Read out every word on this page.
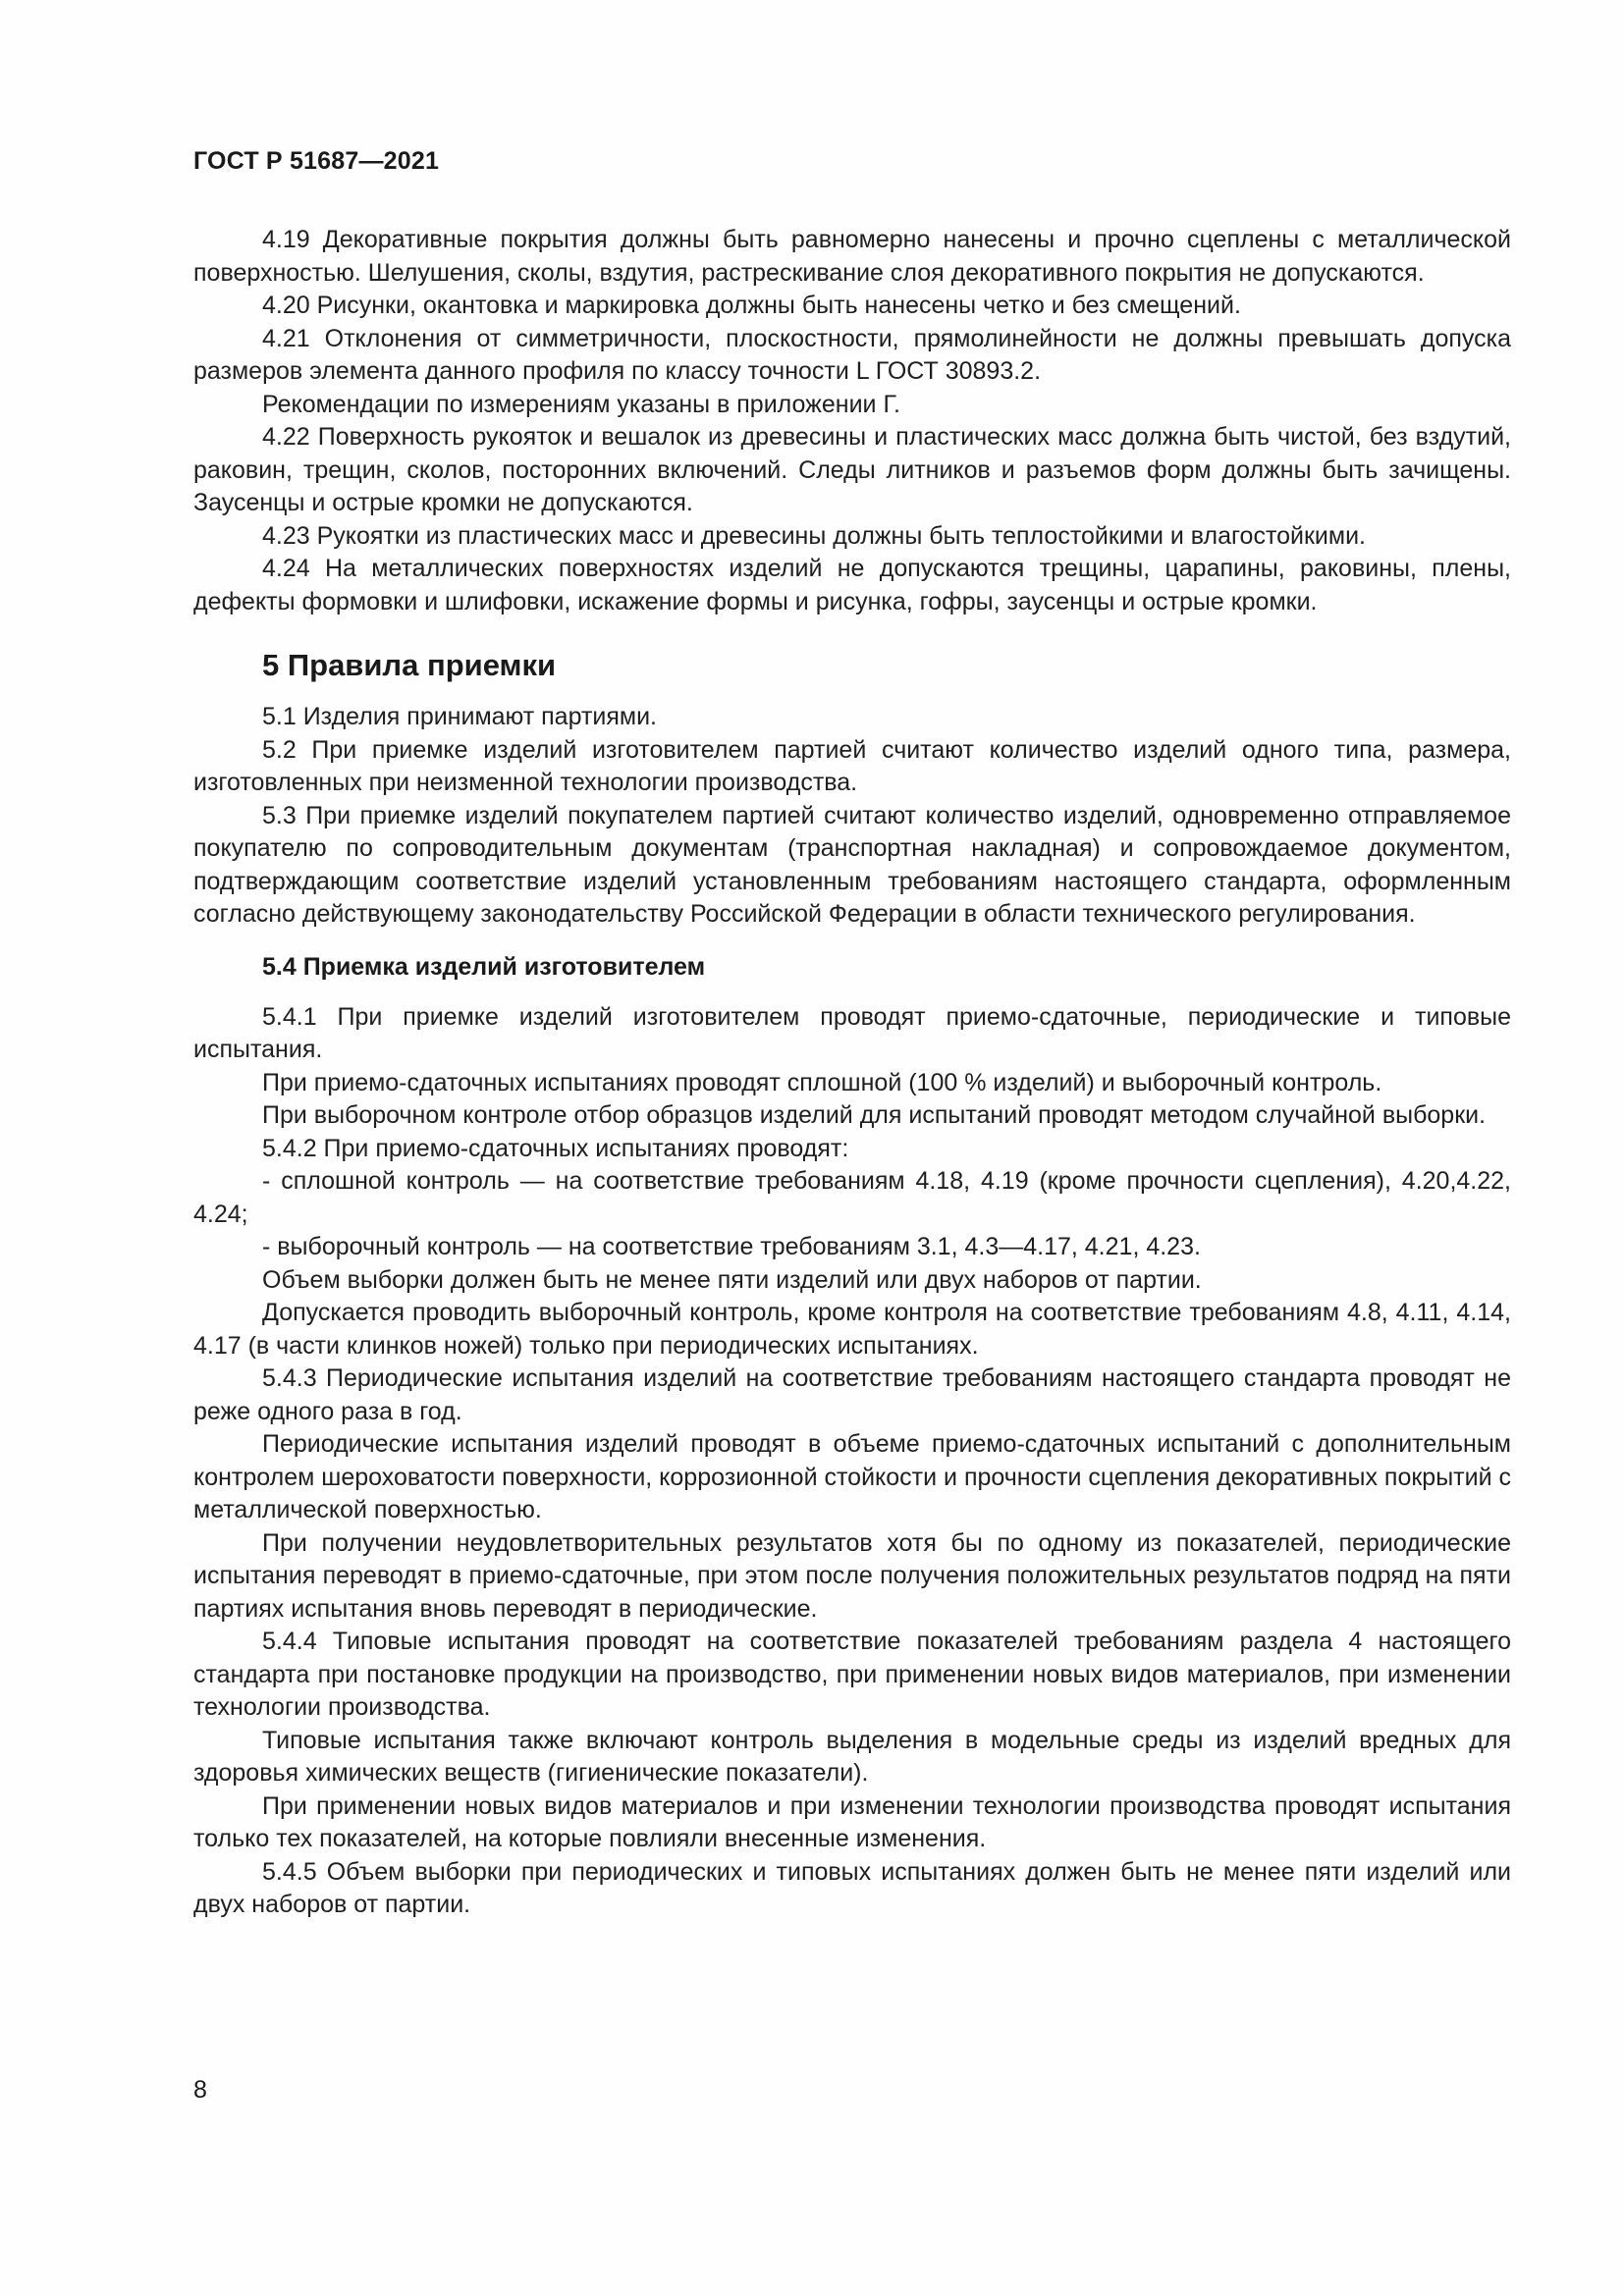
ГОСТ Р 51687—2021

4.19 Декоративные покрытия должны быть равномерно нанесены и прочно сцеплены с металлической поверхностью. Шелушения, сколы, вздутия, растрескивание слоя декоративного покрытия не допускаются.

4.20 Рисунки, окантовка и маркировка должны быть нанесены четко и без смещений.

4.21 Отклонения от симметричности, плоскостности, прямолинейности не должны превышать допуска размеров элемента данного профиля по классу точности L ГОСТ 30893.2.

Рекомендации по измерениям указаны в приложении Г.

4.22 Поверхность рукояток и вешалок из древесины и пластических масс должна быть чистой, без вздутий, раковин, трещин, сколов, посторонних включений. Следы литников и разъемов форм должны быть зачищены. Заусенцы и острые кромки не допускаются.

4.23 Рукоятки из пластических масс и древесины должны быть теплостойкими и влагостойкими.

4.24 На металлических поверхностях изделий не допускаются трещины, царапины, раковины, плены, дефекты формовки и шлифовки, искажение формы и рисунка, гофры, заусенцы и острые кромки.

5 Правила приемки

5.1 Изделия принимают партиями.

5.2 При приемке изделий изготовителем партией считают количество изделий одного типа, размера, изготовленных при неизменной технологии производства.

5.3 При приемке изделий покупателем партией считают количество изделий, одновременно отправляемое покупателю по сопроводительным документам (транспортная накладная) и сопровождаемое документом, подтверждающим соответствие изделий установленным требованиям настоящего стандарта, оформленным согласно действующему законодательству Российской Федерации в области технического регулирования.

5.4 Приемка изделий изготовителем

5.4.1 При приемке изделий изготовителем проводят приемо-сдаточные, периодические и типовые испытания.

При приемо-сдаточных испытаниях проводят сплошной (100 % изделий) и выборочный контроль.

При выборочном контроле отбор образцов изделий для испытаний проводят методом случайной выборки.

5.4.2 При приемо-сдаточных испытаниях проводят:

- сплошной контроль — на соответствие требованиям 4.18, 4.19 (кроме прочности сцепления), 4.20,4.22, 4.24;

- выборочный контроль — на соответствие требованиям 3.1, 4.3—4.17, 4.21, 4.23.

Объем выборки должен быть не менее пяти изделий или двух наборов от партии.

Допускается проводить выборочный контроль, кроме контроля на соответствие требованиям 4.8, 4.11, 4.14, 4.17 (в части клинков ножей) только при периодических испытаниях.

5.4.3 Периодические испытания изделий на соответствие требованиям настоящего стандарта проводят не реже одного раза в год.

Периодические испытания изделий проводят в объеме приемо-сдаточных испытаний с дополнительным контролем шероховатости поверхности, коррозионной стойкости и прочности сцепления декоративных покрытий с металлической поверхностью.

При получении неудовлетворительных результатов хотя бы по одному из показателей, периодические испытания переводят в приемо-сдаточные, при этом после получения положительных результатов подряд на пяти партиях испытания вновь переводят в периодические.

5.4.4 Типовые испытания проводят на соответствие показателей требованиям раздела 4 настоящего стандарта при постановке продукции на производство, при применении новых видов материалов, при изменении технологии производства.

Типовые испытания также включают контроль выделения в модельные среды из изделий вредных для здоровья химических веществ (гигиенические показатели).

При применении новых видов материалов и при изменении технологии производства проводят испытания только тех показателей, на которые повлияли внесенные изменения.

5.4.5 Объем выборки при периодических и типовых испытаниях должен быть не менее пяти изделий или двух наборов от партии.

8
